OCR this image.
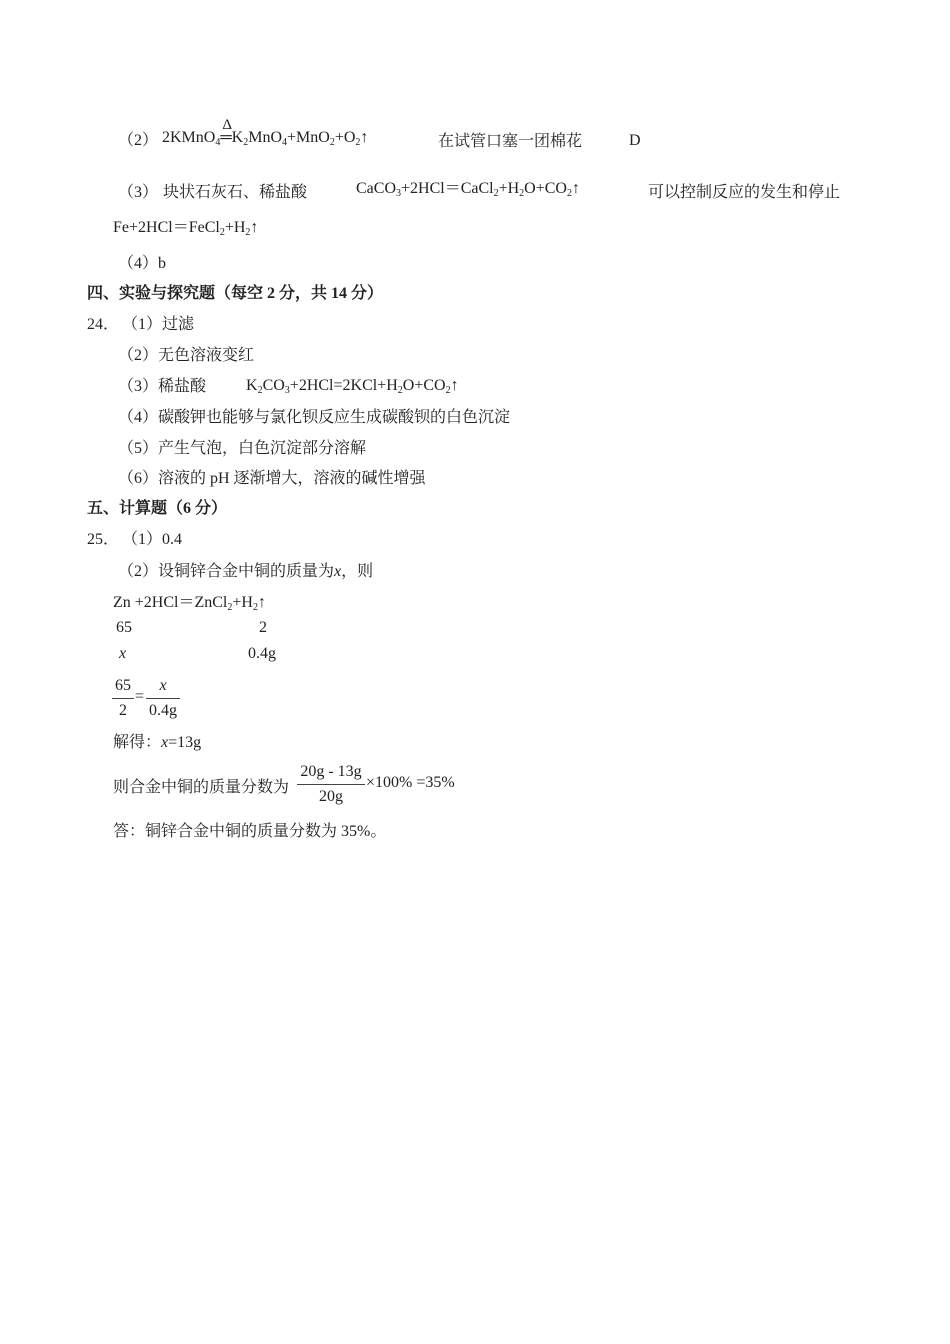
（2） 2KMnO$_4$
Δ
$═K_2MnO_4+MnO_2+O_2↑$	在试管口塞一团棉花	D
（3） 块状石灰石、稀盐酸	$CaCO_3+2HCl=CaCl_2+H_2O+CO_2↑$	可以控制反应的发生和停止
$Fe+2HCl=FeCl_2+H_2↑$
（4）b
四、实验与探究题（每空 2 分，共 14 分）
24． （1）过滤
（2）无色溶液变红
（3）稀盐酸 $K_2CO_3+2HCl=2KCl+H_2O+CO_2↑$
（4）碳酸钾也能够与氯化钡反应生成碳酸钡的白色沉淀
（5）产生气泡，白色沉淀部分溶解
（6）溶液的 pH 逐渐增大，溶液的碱性增强
五、计算题（6 分）
25． （1）0.4
（2）设铜锌合金中铜的质量为x，则
$Zn +2HCl=ZnCl_2+H_2↑$
65	2
x	0.4g
65
2
=
x
0.4g
解得：x=13g
则合金中铜的质量分数为
20g - 13g
20g
×100% =35%
答：铜锌合金中铜的质量分数为 35%。
